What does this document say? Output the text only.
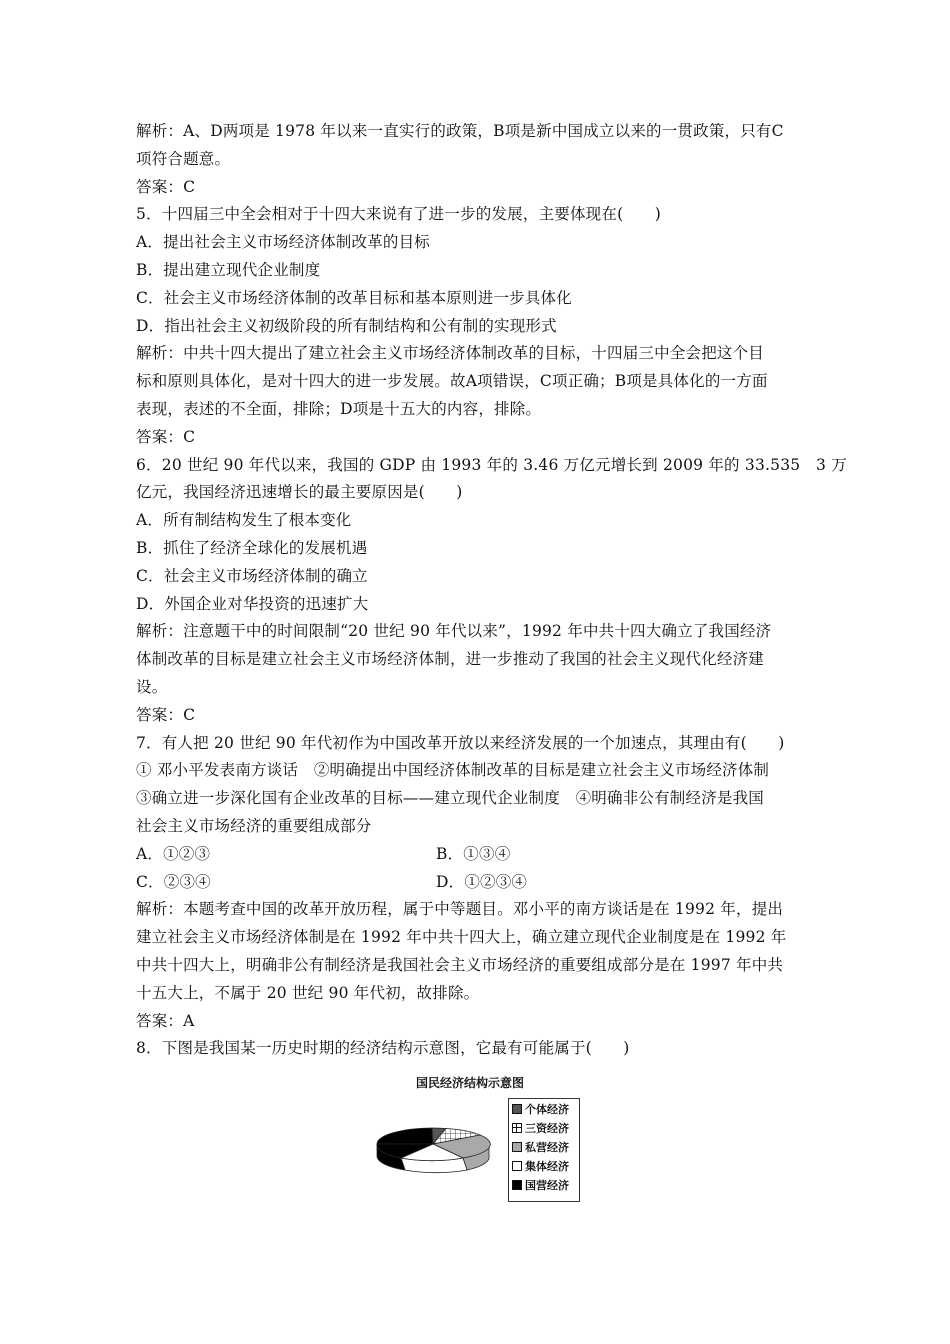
解析：A、D两项是 1978 年以来一直实行的政策，B项是新中国成立以来的一贯政策，只有C
项符合题意。
答案：C
5．十四届三中全会相对于十四大来说有了进一步的发展，主要体现在(　　)
A．提出社会主义市场经济体制改革的目标
B．提出建立现代企业制度
C．社会主义市场经济体制的改革目标和基本原则进一步具体化
D．指出社会主义初级阶段的所有制结构和公有制的实现形式
解析：中共十四大提出了建立社会主义市场经济体制改革的目标，十四届三中全会把这个目
标和原则具体化，是对十四大的进一步发展。故A项错误，C项正确；B项是具体化的一方面
表现，表述的不全面，排除；D项是十五大的内容，排除。
答案：C
6．20 世纪 90 年代以来，我国的 GDP 由 1993 年的 3.46 万亿元增长到 2009 年的 33.535　3 万
亿元，我国经济迅速增长的最主要原因是(　　)
A．所有制结构发生了根本变化
B．抓住了经济全球化的发展机遇
C．社会主义市场经济体制的确立
D．外国企业对华投资的迅速扩大
解析：注意题干中的时间限制“20 世纪 90 年代以来”，1992 年中共十四大确立了我国经济
体制改革的目标是建立社会主义市场经济体制，进一步推动了我国的社会主义现代化经济建
设。
答案：C
7．有人把 20 世纪 90 年代初作为中国改革开放以来经济发展的一个加速点，其理由有(　　)
① 邓小平发表南方谈话　②明确提出中国经济体制改革的目标是建立社会主义市场经济体制
③确立进一步深化国有企业改革的目标——建立现代企业制度　④明确非公有制经济是我国
社会主义市场经济的重要组成部分
A．①②③	B．①③④
C．②③④	D．①②③④
解析：本题考查中国的改革开放历程，属于中等题目。邓小平的南方谈话是在 1992 年，提出
建立社会主义市场经济体制是在 1992 年中共十四大上，确立建立现代企业制度是在 1992 年
中共十四大上，明确非公有制经济是我国社会主义市场经济的重要组成部分是在 1997 年中共
十五大上，不属于 20 世纪 90 年代初，故排除。
答案：A
8．下图是我国某一历史时期的经济结构示意图，它最有可能属于(　　)
国民经济结构示意图
个体经济
三资经济
私营经济
集体经济
国营经济
